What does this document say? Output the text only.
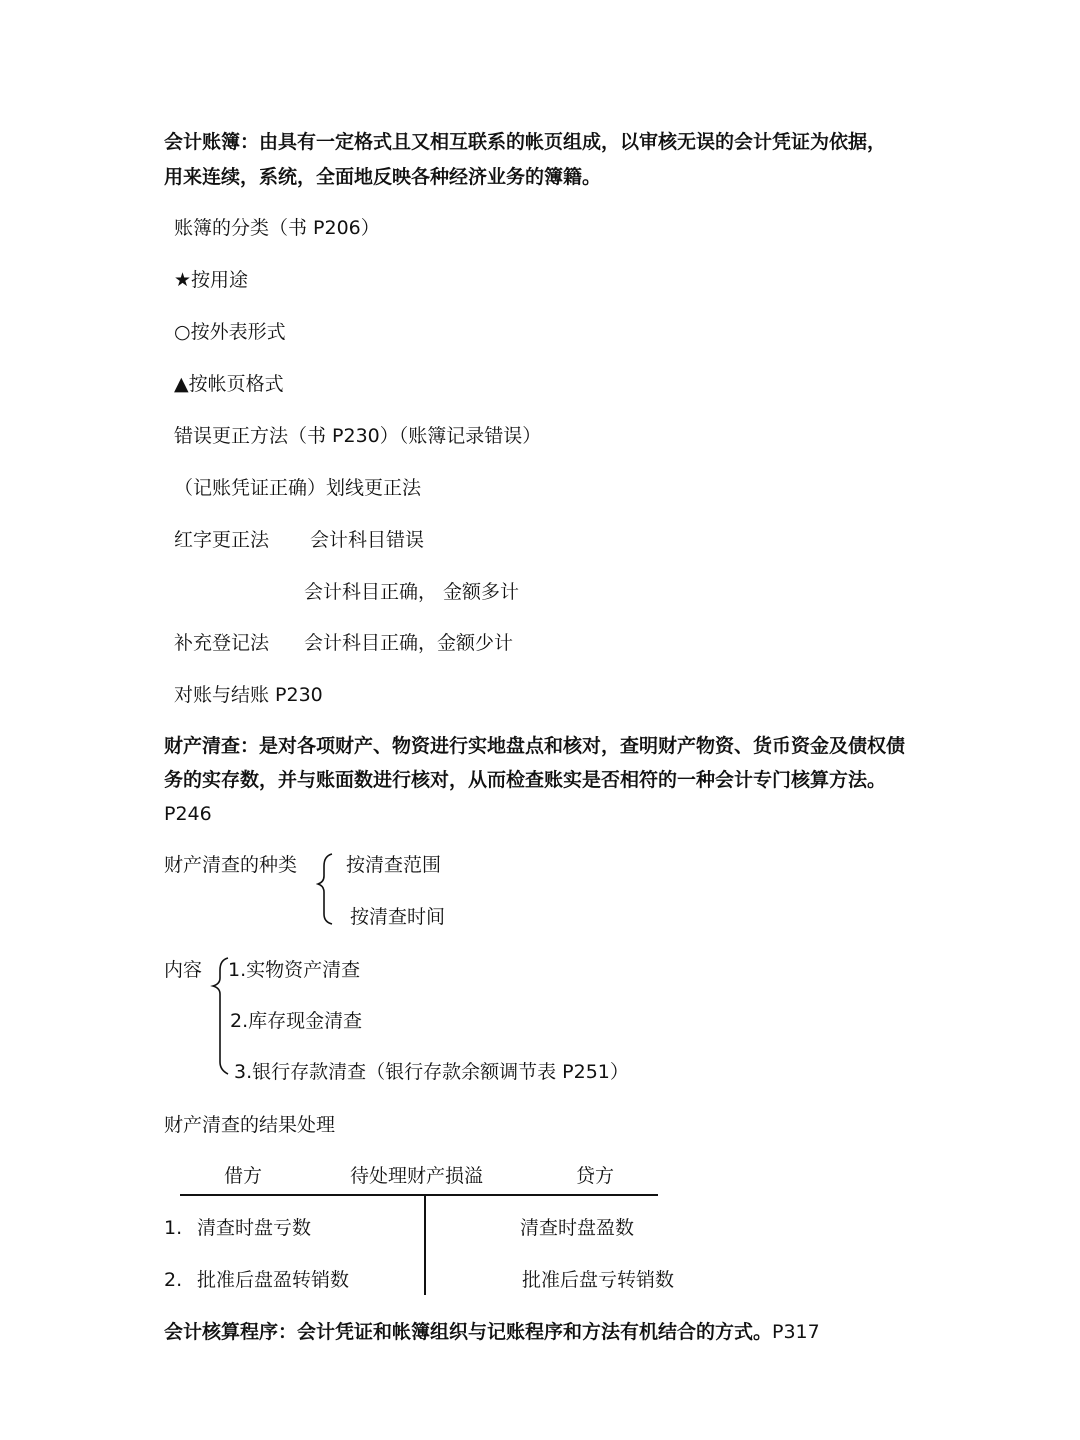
会计账簿：由具有一定格式且又相互联系的帐页组成，以审核无误的会计凭证为依据，
用来连续，系统，全面地反映各种经济业务的簿籍。
账簿的分类（书 P206）
★按用途
○按外表形式
▲按帐页格式
错误更正方法（书 P230）（账簿记录错误）
（记账凭证正确）划线更正法
红字更正法 会计科目错误
会计科目正确， 金额多计
补充登记法 会计科目正确，金额少计
对账与结账 P230
财产清查：是对各项财产、物资进行实地盘点和核对，查明财产物资、货币资金及债权债务的实存数，并与账面数进行核对，从而检查账实是否相符的一种会计专门核算方法。P246
财产清查的种类	按清查范围
按清查时间
内容 1.实物资产清查
2.库存现金清查
3.银行存款清查（银行存款余额调节表 P251）
财产清查的结果处理
借方	待处理财产损溢	贷方
1. 清查时盘亏数	清查时盘盈数
2. 批准后盘盈转销数	批准后盘亏转销数
会计核算程序：会计凭证和帐簿组织与记账程序和方法有机结合的方式。P317
